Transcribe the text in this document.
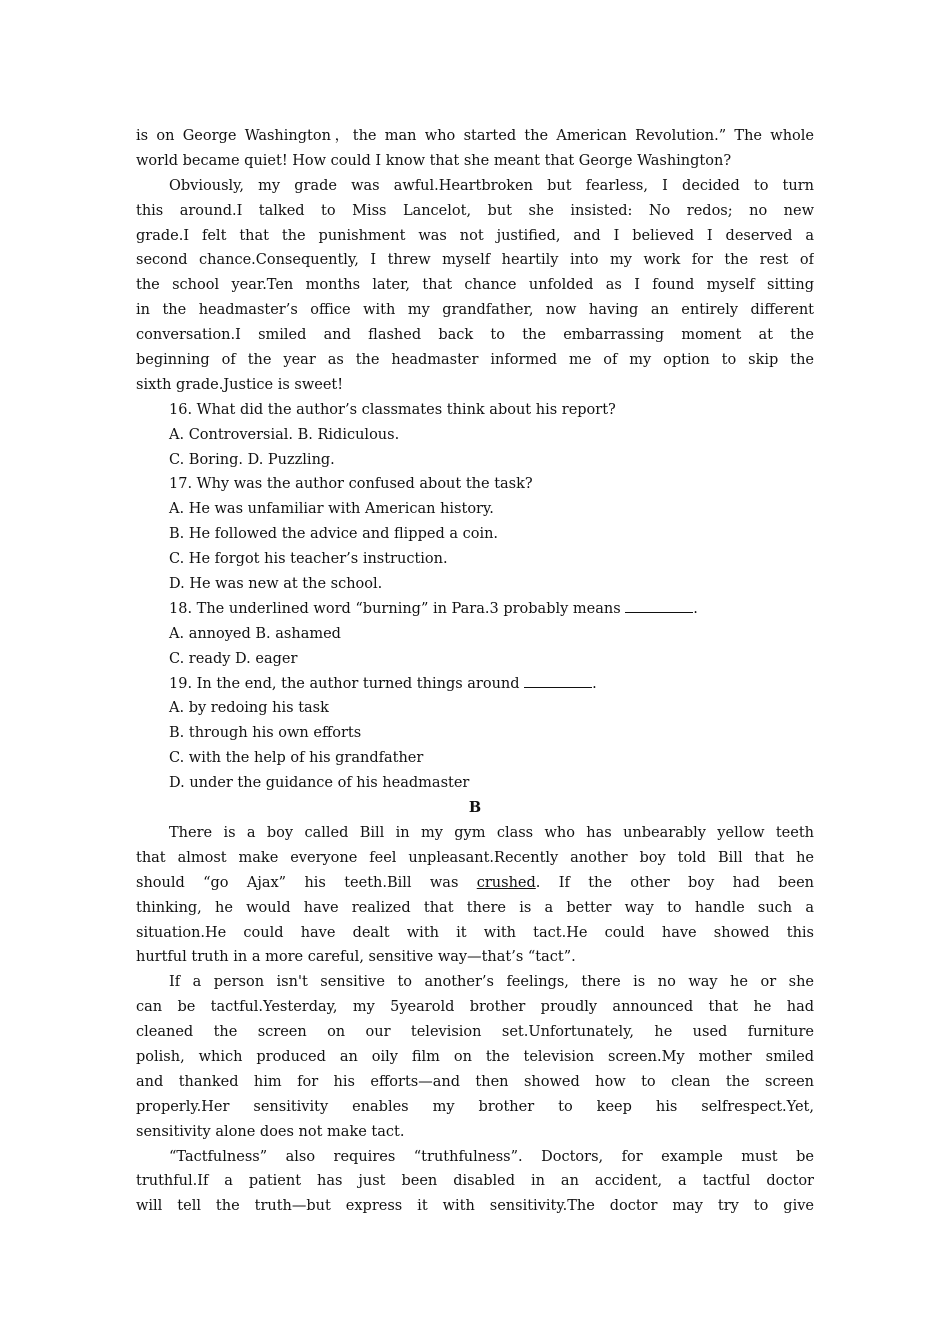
is on George Washington，the man who started the American Revolution.” The whole
world became quiet! How could I know that she meant that George Washington?
Obviously, my grade was awful.Heartbroken but fearless, I decided to turn
this around.I talked to Miss Lancelot, but she insisted: No redos; no new
grade.I felt that the punishment was not justified, and I believed I deserved a
second chance.Consequently, I threw myself heartily into my work for the rest of
the school year.Ten months later, that chance unfolded as I found myself sitting
in the headmaster’s office with my grandfather, now having an entirely different
conversation.I smiled and flashed back to the embarrassing moment at the
beginning of the year as the headmaster informed me of my option to skip the
sixth grade.Justice is sweet!
16. What did the author’s classmates think about his report?
A. Controversial. B. Ridiculous.
C. Boring. D. Puzzling.
17. Why was the author confused about the task?
A. He was unfamiliar with American history.
B. He followed the advice and flipped a coin.
C. He forgot his teacher’s instruction.
D. He was new at the school.
18. The underlined word “burning” in Para.3 probably means	.
A. annoyed B. ashamed
C. ready D. eager
19. In the end, the author turned things around	.
A. by redoing his task
B. through his own efforts
C. with the help of his grandfather
D. under the guidance of his headmaster
B
There is a boy called Bill in my gym class who has unbearably yellow teeth
that almost make everyone feel unpleasant.Recently another boy told Bill that he
should “go Ajax” his teeth.Bill was crushed. If the other boy had been
thinking, he would have realized that there is a better way to handle such a
situation.He could have dealt with it with tact.He could have showed this
hurtful truth in a more careful, sensitive way—that’s “tact”.
If a person isn't sensitive to another’s feelings, there is no way he or she
can be tactful.Yesterday, my 5yearold brother proudly announced that he had
cleaned the screen on our television set.Unfortunately, he used furniture
polish, which produced an oily film on the television screen.My mother smiled
and thanked him for his efforts—and then showed how to clean the screen
properly.Her sensitivity enables my brother to keep his selfrespect.Yet,
sensitivity alone does not make tact.
“Tactfulness” also requires “truthfulness”. Doctors, for example must be
truthful.If a patient has just been disabled in an accident, a tactful doctor
will tell the truth—but express it with sensitivity.The doctor may try to give
